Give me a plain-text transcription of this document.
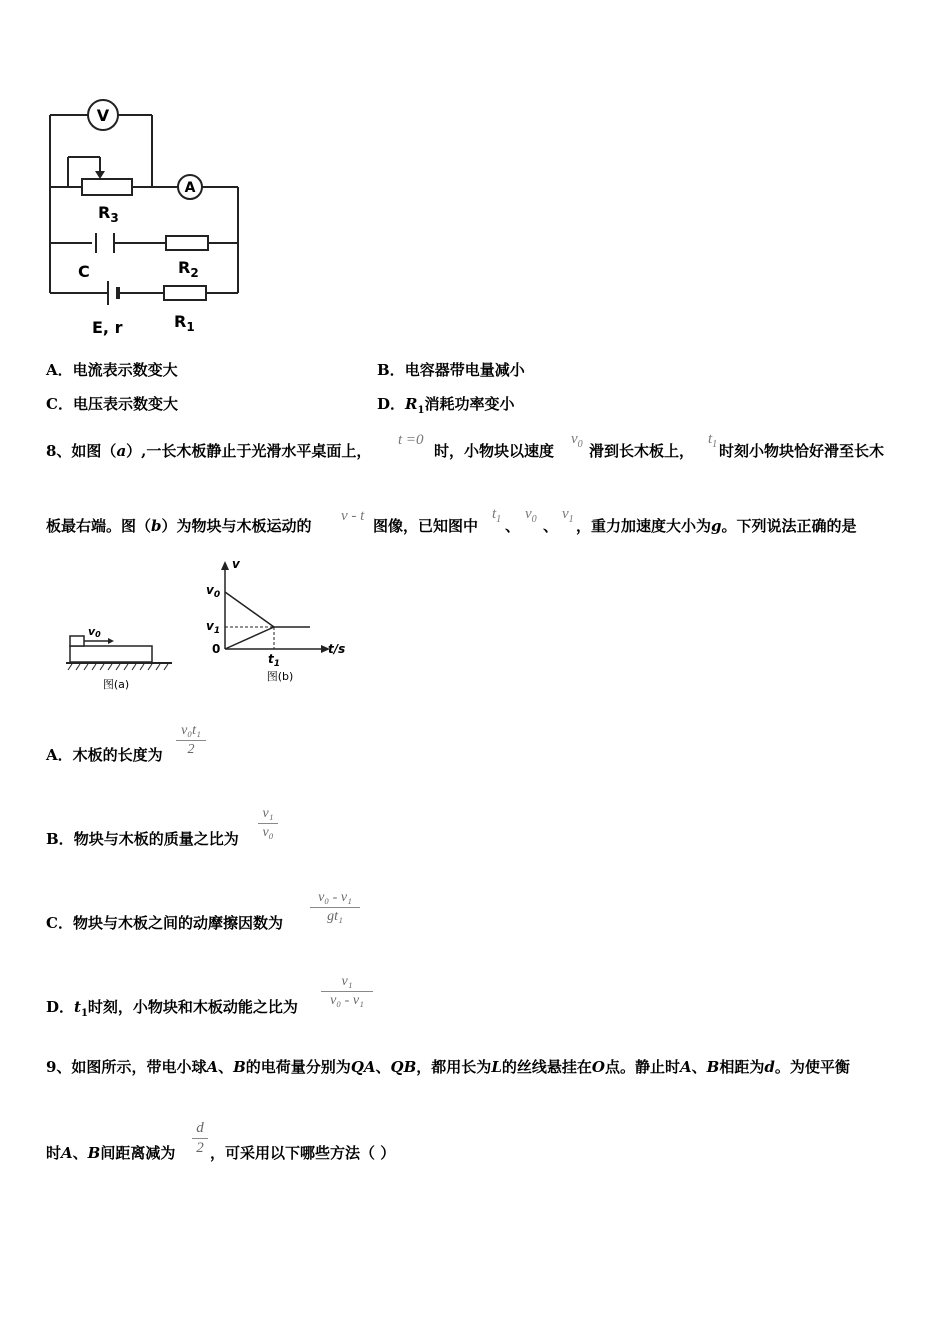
V
A
$R_3$
C	$R_2$
E, r	$R_1$
A．电流表示数变大	B．电容器带电量减小
C．电压表示数变大	D．$R_1$消耗功率变小
8、如图（a）,一长木板静止于光滑水平桌面上，
t =0
时，小物块以速度
$v_0$ 滑到长木板上，
$t_1$ 时刻小物块恰好滑至长木
板最右端。图（b）为物块与木板运动的
v - t
图像，已知图中
$t_1$ 、
$v_0$ 、
$v_1$ ，重力加速度大小为g。下列说法正确的是
v0
图(a)
v
t/s
$v_0$
$v_1$
0
$t_1$
图(b)
A．木板的长度为
v₀t₁
2
B．物块与木板的质量之比为
v₁
v₀
C．物块与木板之间的动摩擦因数为
v₀ - v₁
gt₁
D．$t_1$时刻，小物块和木板动能之比为
v₁
v₀ - v₁
9、如图所示，带电小球A、B的电荷量分别为QA、QB，都用长为L的丝线悬挂在O点。静止时A、B相距为d。为使平衡
时A、B间距离减为
d
2 ，可采用以下哪些方法（ ）
